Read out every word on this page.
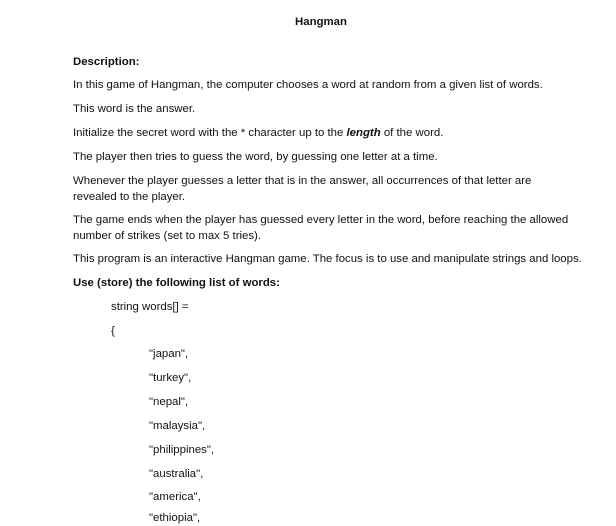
Hangman
Description:
In this game of Hangman, the computer chooses a word at random from a given list of words.
This word is the answer.
Initialize the secret word with the * character up to the length of the word.
The player then tries to guess the word, by guessing one letter at a time.
Whenever the player guesses a letter that is in the answer, all occurrences of that letter are revealed to the player.
The game ends when the player has guessed every letter in the word, before reaching the allowed number of strikes (set to max 5 tries).
This program is an interactive Hangman game. The focus is to use and manipulate strings and loops.
Use (store) the following list of words:
string words[] =
{
"japan",
"turkey",
"nepal",
"malaysia",
"philippines",
"australia",
"america",
"ethiopia",
